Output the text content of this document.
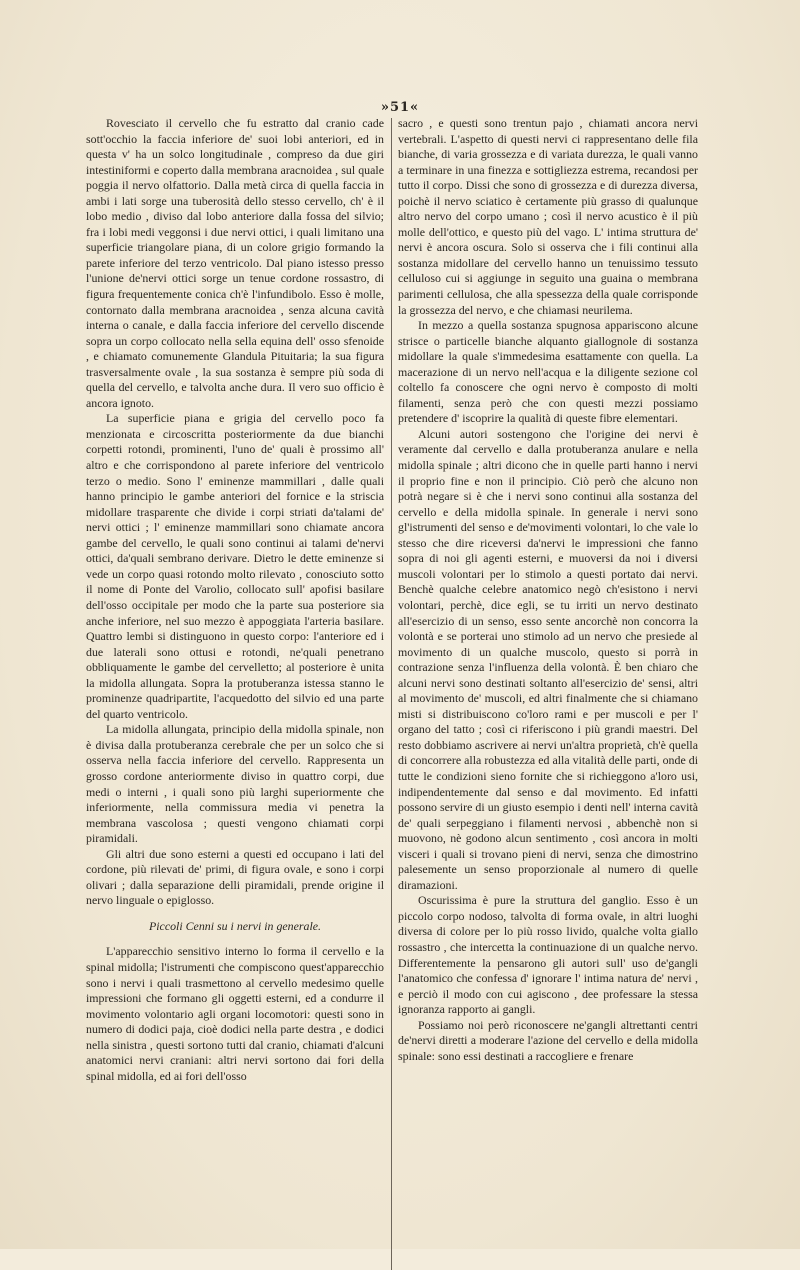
»51«

Rovesciato il cervello che fu estratto dal cranio cade sott'occhio la faccia inferiore de' suoi lobi anteriori, ed in questa v' ha un solco longitudinale , compreso da due giri intestiniformi e coperto dalla membrana aracnoidea , sul quale poggia il nervo olfattorio. Dalla metà circa di quella faccia in ambi i lati sorge una tuberosità dello stesso cervello, ch' è il lobo medio , diviso dal lobo anteriore dalla fossa del silvio; fra i lobi medi veggonsi i due nervi ottici, i quali limitano una superficie triangolare piana, di un colore grigio formando la parete inferiore del terzo ventricolo. Dal piano istesso presso l'unione de'nervi ottici sorge un tenue cordone rossastro, di figura frequentemente conica ch'è l'infundibolo. Esso è molle, contornato dalla membrana aracnoidea , senza alcuna cavità interna o canale, e dalla faccia inferiore del cervello discende sopra un corpo collocato nella sella equina dell' osso sfenoide , e chiamato comunemente Glandula Pituitaria; la sua figura trasversalmente ovale , la sua sostanza è sempre più soda di quella del cervello, e talvolta anche dura. Il vero suo officio è ancora ignoto.

La superficie piana e grigia del cervello poco fa menzionata e circoscritta posteriormente da due bianchi corpetti rotondi, prominenti, l'uno de' quali è prossimo all' altro e che corrispondono al parete inferiore del ventricolo terzo o medio. Sono l' eminenze mammillari , dalle quali hanno principio le gambe anteriori del fornice e la striscia midollare trasparente che divide i corpi striati da'talami de' nervi ottici ; l' eminenze mammillari sono chiamate ancora gambe del cervello, le quali sono continui ai talami de'nervi ottici, da'quali sembrano derivare. Dietro le dette eminenze si vede un corpo quasi rotondo molto rilevato , conosciuto sotto il nome di Ponte del Varolio, collocato sull' apofisi basilare dell'osso occipitale per modo che la parte sua posteriore sia anche inferiore, nel suo mezzo è appoggiata l'arteria basilare. Quattro lembi si distinguono in questo corpo: l'anteriore ed i due laterali sono ottusi e rotondi, ne'quali penetrano obbliquamente le gambe del cervelletto; al posteriore è unita la midolla allungata. Sopra la protuberanza istessa stanno le prominenze quadripartite, l'acquedotto del silvio ed una parte del quarto ventricolo.

La midolla allungata, principio della midolla spinale, non è divisa dalla protuberanza cerebrale che per un solco che si osserva nella faccia inferiore del cervello. Rappresenta un grosso cordone anteriormente diviso in quattro corpi, due medi o interni , i quali sono più larghi superiormente che inferiormente, nella commissura media vi penetra la membrana vascolosa ; questi vengono chiamati corpi piramidali.

Gli altri due sono esterni a questi ed occupano i lati del cordone, più rilevati de' primi, di figura ovale, e sono i corpi olivari ; dalla separazione delli piramidali, prende origine il nervo linguale o epiglosso.

Piccoli Cenni su i nervi in generale.

L'apparecchio sensitivo interno lo forma il cervello e la spinal midolla; l'istrumenti che compiscono quest'apparecchio sono i nervi i quali trasmettono al cervello medesimo quelle impressioni che formano gli oggetti esterni, ed a condurre il movimento volontario agli organi locomotori: questi sono in numero di dodici paja, cioè dodici nella parte destra , e dodici nella sinistra , questi sortono tutti dal cranio, chiamati d'alcuni anatomici nervi craniani: altri nervi sortono dai fori della spinal midolla, ed ai fori dell'osso

sacro , e questi sono trentun pajo , chiamati ancora nervi vertebrali. L'aspetto di questi nervi ci rappresentano delle fila bianche, di varia grossezza e di variata durezza, le quali vanno a terminare in una finezza e sottigliezza estrema, recandosi per tutto il corpo. Dissi che sono di grossezza e di durezza diversa, poichè il nervo sciatico è certamente più grasso di qualunque altro nervo del corpo umano ; così il nervo acustico è il più molle dell'ottico, e questo più del vago. L' intima struttura de' nervi è ancora oscura. Solo si osserva che i fili continui alla sostanza midollare del cervello hanno un tenuissimo tessuto celluloso cui si aggiunge in seguito una guaina o membrana parimenti cellulosa, che alla spessezza della quale corrisponde la grossezza del nervo, e che chiamasi neurilema.

In mezzo a quella sostanza spugnosa appariscono alcune strisce o particelle bianche alquanto giallognole di sostanza midollare la quale s'immedesima esattamente con quella. La macerazione di un nervo nell'acqua e la diligente sezione col coltello fa conoscere che ogni nervo è composto di molti filamenti, senza però che con questi mezzi possiamo pretendere d' iscoprire la qualità di queste fibre elementari.

Alcuni autori sostengono che l'origine dei nervi è veramente dal cervello e dalla protuberanza anulare e nella midolla spinale ; altri dicono che in quelle parti hanno i nervi il proprio fine e non il principio. Ciò però che alcuno non potrà negare si è che i nervi sono continui alla sostanza del cervello e della midolla spinale. In generale i nervi sono gl'istrumenti del senso e de'movimenti volontari, lo che vale lo stesso che dire riceversi da'nervi le impressioni che fanno sopra di noi gli agenti esterni, e muoversi da noi i diversi muscoli volontari per lo stimolo a questi portato dai nervi. Benchè qualche celebre anatomico negò ch'esistono i nervi volontari, perchè, dice egli, se tu irriti un nervo destinato all'esercizio di un senso, esso sente ancorchè non concorra la volontà e se porterai uno stimolo ad un nervo che presiede al movimento di un qualche muscolo, questo si porrà in contrazione senza l'influenza della volontà. È ben chiaro che alcuni nervi sono destinati soltanto all'esercizio de' sensi, altri al movimento de' muscoli, ed altri finalmente che si chiamano misti si distribuiscono co'loro rami e per muscoli e per l' organo del tatto ; così ci riferiscono i più grandi maestri. Del resto dobbiamo ascrivere ai nervi un'altra proprietà, ch'è quella di concorrere alla robustezza ed alla vitalità delle parti, onde di tutte le condizioni sieno fornite che si richieggono a'loro usi, indipendentemente dal senso e dal movimento. Ed infatti possono servire di un giusto esempio i denti nell' interna cavità de' quali serpeggiano i filamenti nervosi , abbenchè non si muovono, nè godono alcun sentimento , così ancora in molti visceri i quali si trovano pieni di nervi, senza che dimostrino palesemente un senso proporzionale al numero di quelle diramazioni.

Oscurissima è pure la struttura del ganglio. Esso è un piccolo corpo nodoso, talvolta di forma ovale, in altri luoghi diversa di colore per lo più rosso livido, qualche volta giallo rossastro , che intercetta la continuazione di un qualche nervo. Differentemente la pensarono gli autori sull' uso de'gangli l'anatomico che confessa d' ignorare l' intima natura de' nervi , e perciò il modo con cui agiscono , dee professare la stessa ignoranza rapporto ai gangli.

Possiamo noi però riconoscere ne'gangli altrettanti centri de'nervi diretti a moderare l'azione del cervello e della midolla spinale: sono essi destinati a raccogliere e frenare
